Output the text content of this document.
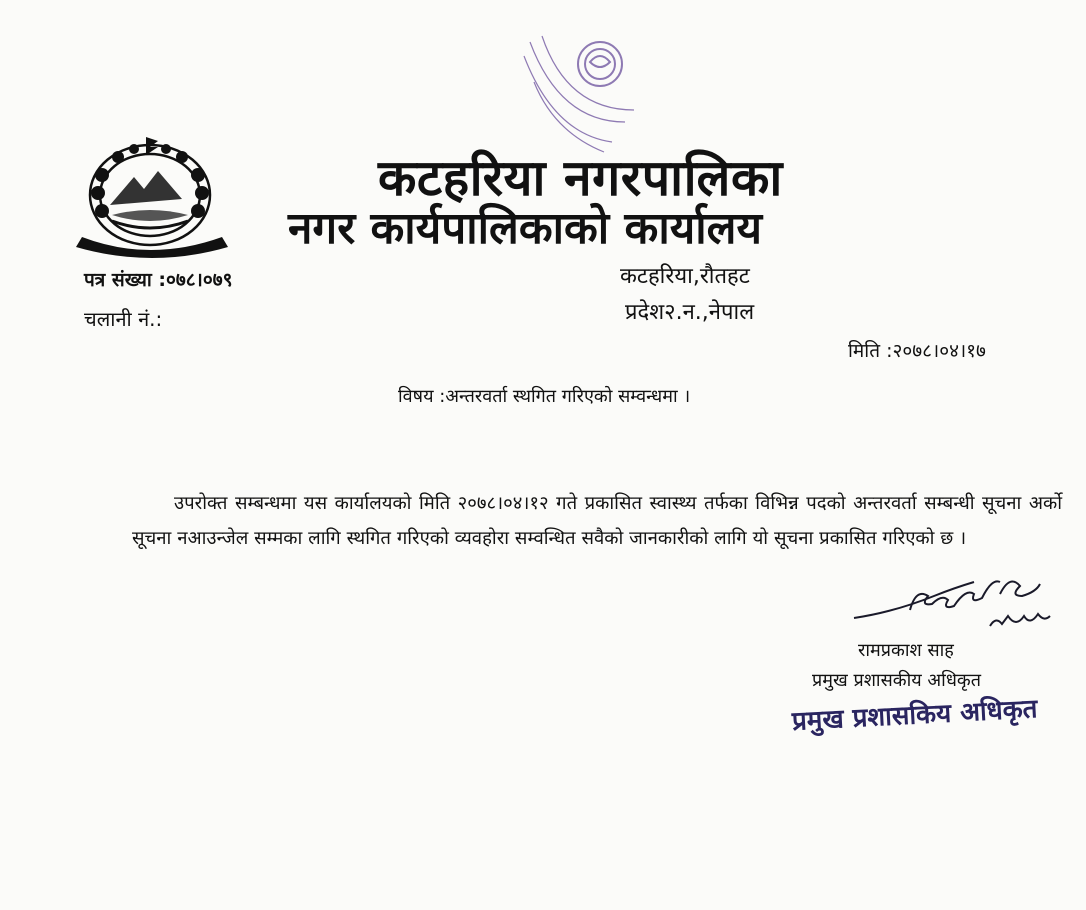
कटहरिया नगरपालिका
नगर कार्यपालिकाको कार्यालय
पत्र संख्या :०७८।०७९
चलानी नं.:
कटहरिया,रौतहट
प्रदेश२.न.,नेपाल
मिति :२०७८।०४।१७
विषय :अन्तरवर्ता स्थगित गरिएको सम्वन्धमा ।
उपरोक्त सम्बन्धमा यस कार्यालयको मिति २०७८।०४।१२ गते प्रकासित स्वास्थ्य तर्फका विभिन्न पदको अन्तरवर्ता सम्बन्धी सूचना अर्को सूचना नआउन्जेल सम्मका लागि स्थगित गरिएको व्यवहोरा सम्वन्धित सवैको जानकारीको लागि यो सूचना प्रकासित गरिएको छ ।
रामप्रकाश साह
प्रमुख प्रशासकीय अधिकृत
प्रमुख प्रशासकिय अधिकृत
